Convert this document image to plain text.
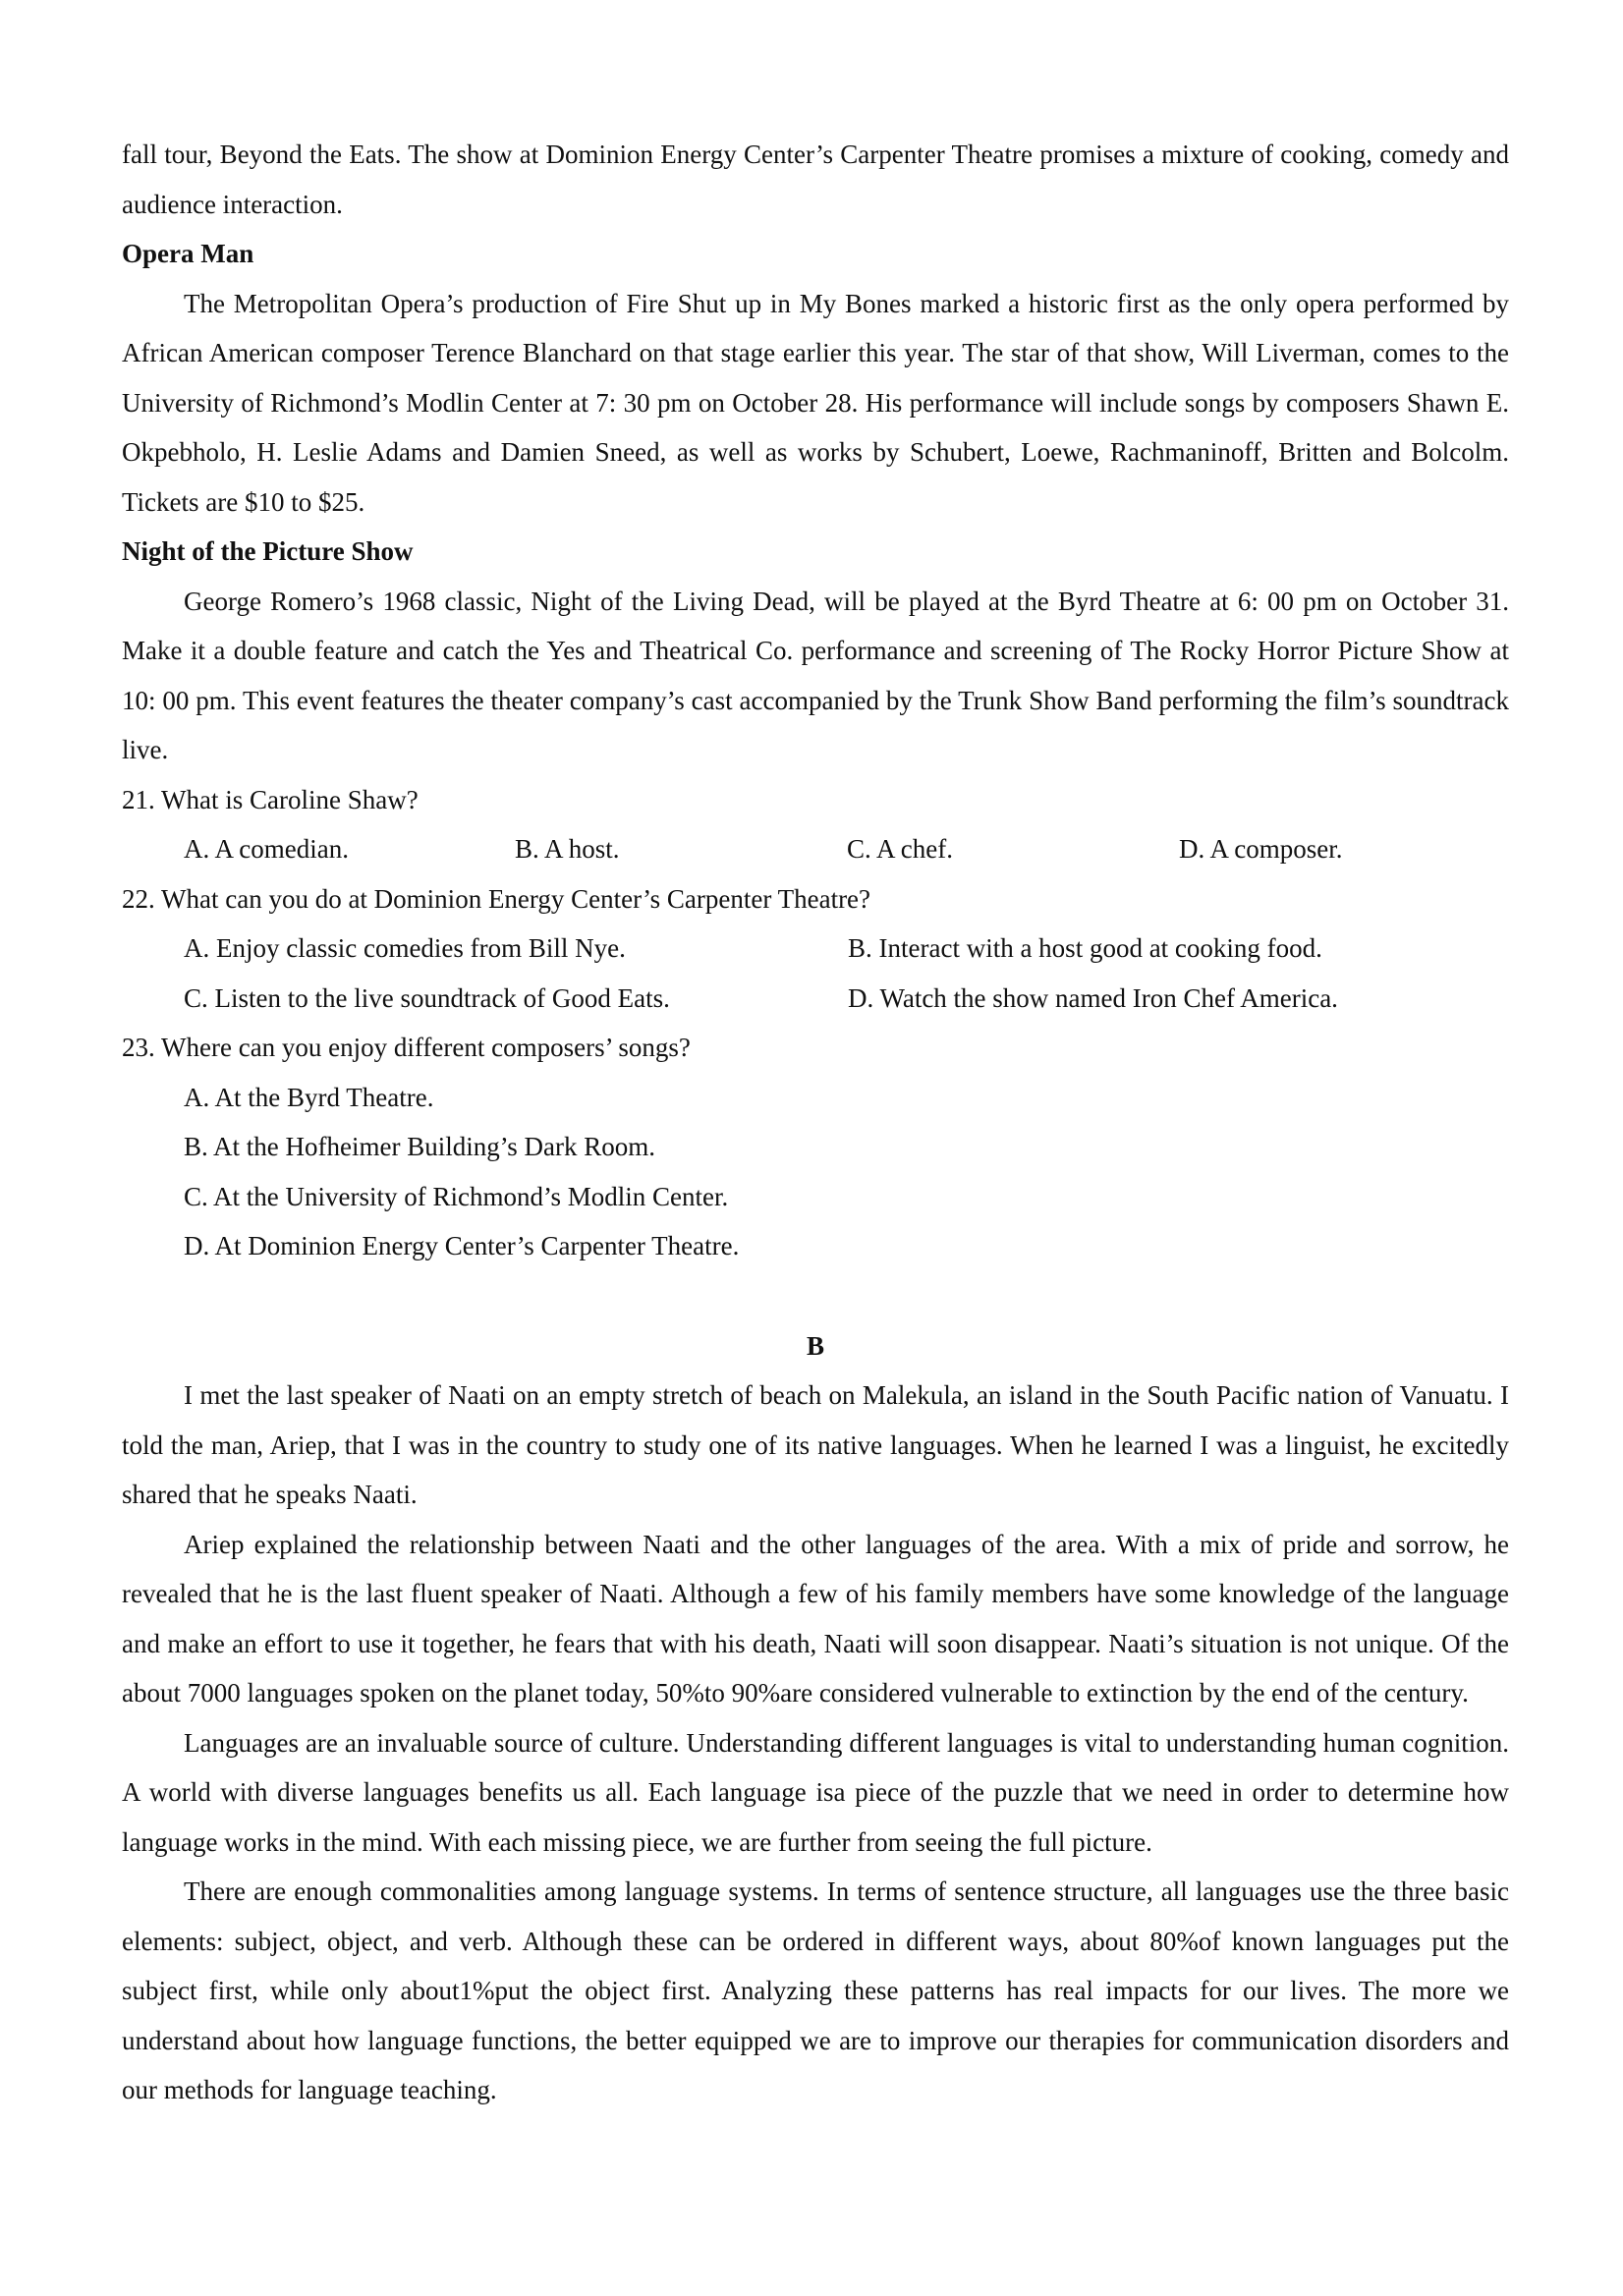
fall tour, Beyond the Eats. The show at Dominion Energy Center’s Carpenter Theatre promises a mixture of cooking, comedy and audience interaction.

Opera Man

The Metropolitan Opera’s production of Fire Shut up in My Bones marked a historic first as the only opera performed by African American composer Terence Blanchard on that stage earlier this year. The star of that show, Will Liverman, comes to the University of Richmond’s Modlin Center at 7: 30 pm on October 28. His performance will include songs by composers Shawn E. Okpebholo, H. Leslie Adams and Damien Sneed, as well as works by Schubert, Loewe, Rachmaninoff, Britten and Bolcolm. Tickets are $10 to $25.

Night of the Picture Show

George Romero’s 1968 classic, Night of the Living Dead, will be played at the Byrd Theatre at 6: 00 pm on October 31. Make it a double feature and catch the Yes and Theatrical Co. performance and screening of The Rocky Horror Picture Show at 10: 00 pm. This event features the theater company’s cast accompanied by the Trunk Show Band performing the film’s soundtrack live.

21. What is Caroline Shaw?

A. A comedian.	B. A host.	C. A chef.	D. A composer.

22. What can you do at Dominion Energy Center’s Carpenter Theatre?

A. Enjoy classic comedies from Bill Nye.	B. Interact with a host good at cooking food.
C. Listen to the live soundtrack of Good Eats.	D. Watch the show named Iron Chef America.

23. Where can you enjoy different composers’ songs?

A. At the Byrd Theatre.
B. At the Hofheimer Building’s Dark Room.
C. At the University of Richmond’s Modlin Center.
D. At Dominion Energy Center’s Carpenter Theatre.

B

I met the last speaker of Naati on an empty stretch of beach on Malekula, an island in the South Pacific nation of Vanuatu. I told the man, Ariep, that I was in the country to study one of its native languages. When he learned I was a linguist, he excitedly shared that he speaks Naati.

Ariep explained the relationship between Naati and the other languages of the area. With a mix of pride and sorrow, he revealed that he is the last fluent speaker of Naati. Although a few of his family members have some knowledge of the language and make an effort to use it together, he fears that with his death, Naati will soon disappear. Naati’s situation is not unique. Of the about 7000 languages spoken on the planet today, 50%to 90%are considered vulnerable to extinction by the end of the century.

Languages are an invaluable source of culture. Understanding different languages is vital to understanding human cognition. A world with diverse languages benefits us all. Each language isa piece of the puzzle that we need in order to determine how language works in the mind. With each missing piece, we are further from seeing the full picture.

There are enough commonalities among language systems. In terms of sentence structure, all languages use the three basic elements: subject, object, and verb. Although these can be ordered in different ways, about 80%of known languages put the subject first, while only about1%put the object first. Analyzing these patterns has real impacts for our lives. The more we understand about how language functions, the better equipped we are to improve our therapies for communication disorders and our methods for language teaching.
